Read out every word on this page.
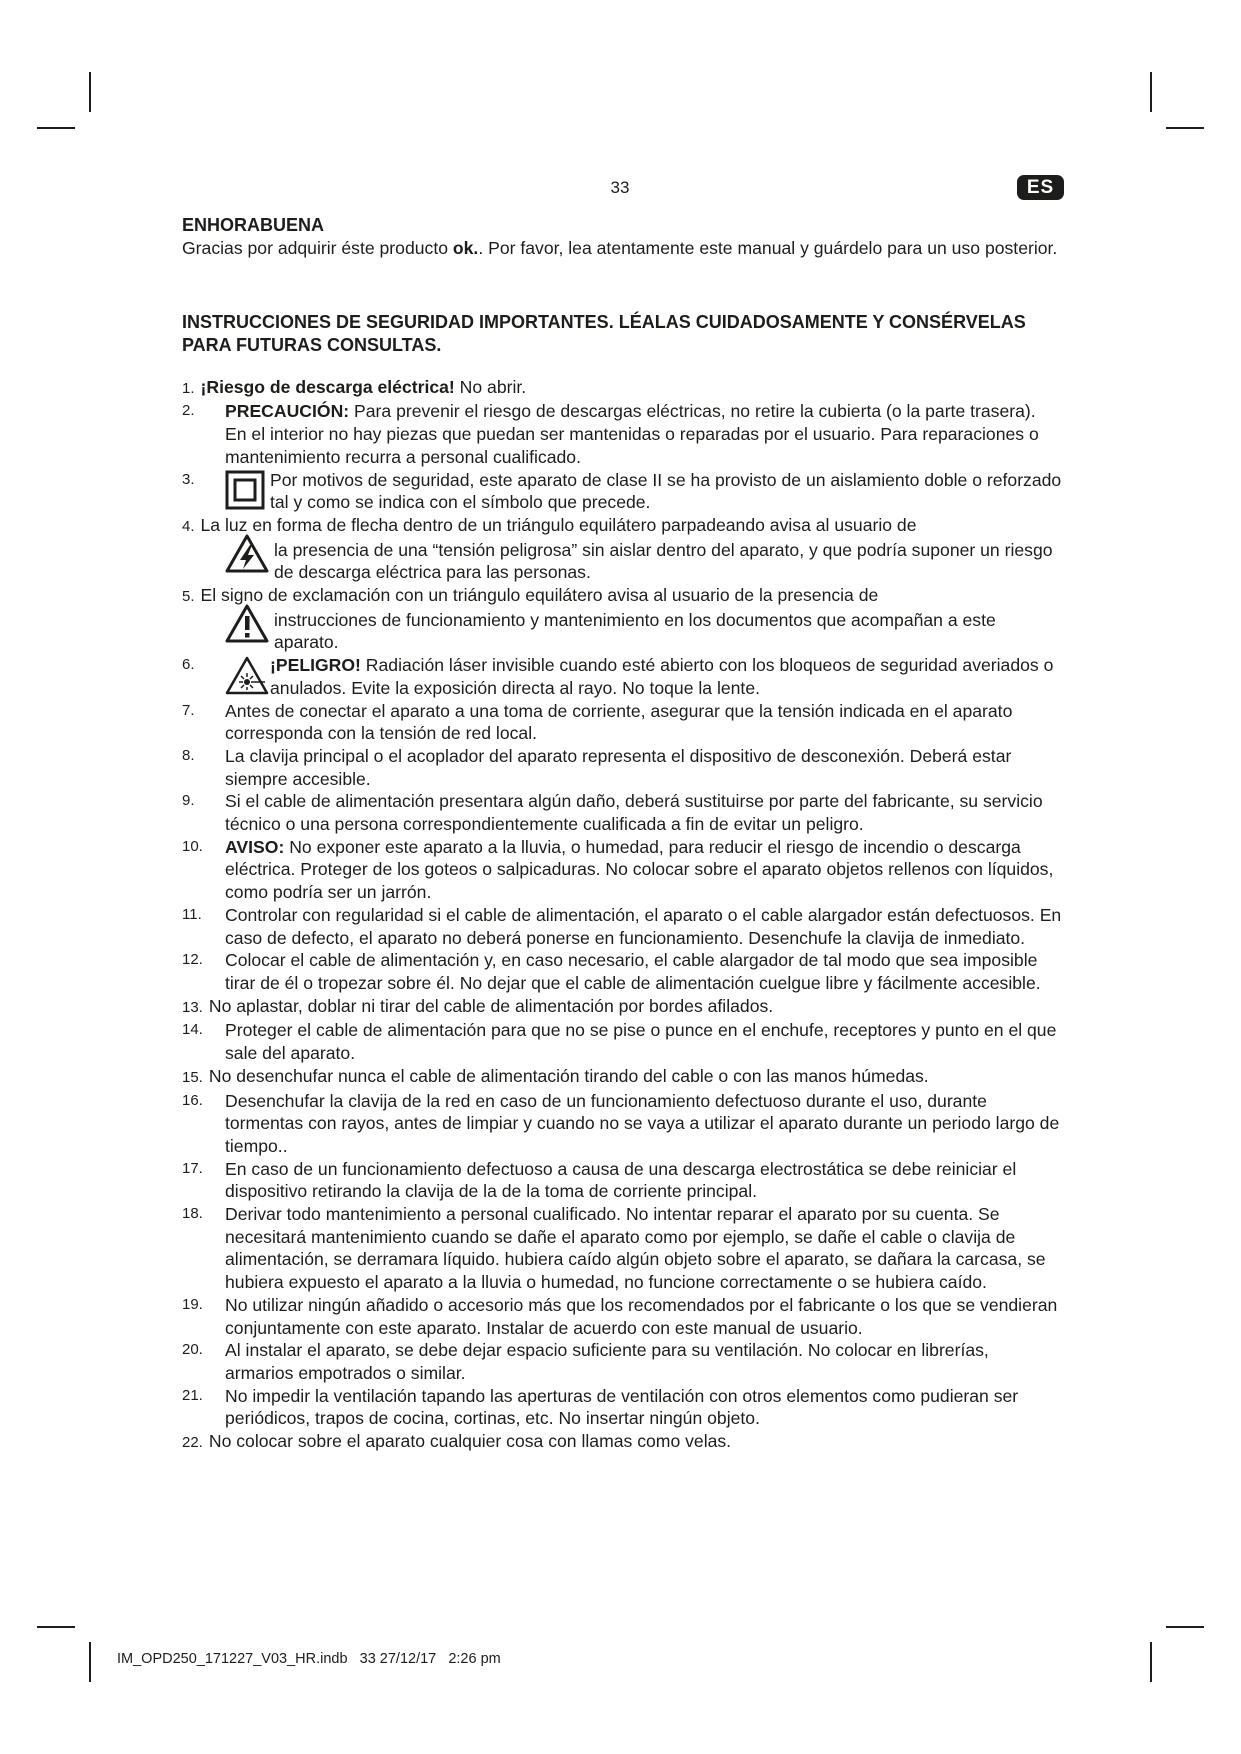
33	ES
ENHORABUENA

Gracias por adquirir éste producto ok.. Por favor, lea atentamente este manual y guárdelo para un uso posterior.

INSTRUCCIONES DE SEGURIDAD IMPORTANTES. LÉALAS CUIDADOSAMENTE Y CONSÉRVELAS PARA FUTURAS CONSULTAS.
1. ¡Riesgo de descarga eléctrica! No abrir.
2. PRECAUCIÓN: Para prevenir el riesgo de descargas eléctricas, no retire la cubierta (o la parte trasera). En el interior no hay piezas que puedan ser mantenidas o reparadas por el usuario. Para reparaciones o mantenimiento recurra a personal cualificado.
3.	Por motivos de seguridad, este aparato de clase II se ha provisto de un aislamiento doble o reforzado tal y como se indica con el símbolo que precede.
4. La luz en forma de flecha dentro de un triángulo equilátero parpadeando avisa al usuario de
la presencia de una “tensión peligrosa” sin aislar dentro del aparato, y que podría suponer un riesgo de descarga eléctrica para las personas.
5. El signo de exclamación con un triángulo equilátero avisa al usuario de la presencia de
instrucciones de funcionamiento y mantenimiento en los documentos que acompañan a este aparato.
6.	¡PELIGRO! Radiación láser invisible cuando esté abierto con los bloqueos de seguridad averiados o anulados. Evite la exposición directa al rayo. No toque la lente.
7. Antes de conectar el aparato a una toma de corriente, asegurar que la tensión indicada en el aparato corresponda con la tensión de red local.
8. La clavija principal o el acoplador del aparato representa el dispositivo de desconexión. Deberá estar siempre accesible.
9. Si el cable de alimentación presentara algún daño, deberá sustituirse por parte del fabricante, su servicio técnico o una persona correspondientemente cualificada a fin de evitar un peligro.
10. AVISO: No exponer este aparato a la lluvia, o humedad, para reducir el riesgo de incendio o descarga eléctrica. Proteger de los goteos o salpicaduras. No colocar sobre el aparato objetos rellenos con líquidos, como podría ser un jarrón.
11. Controlar con regularidad si el cable de alimentación, el aparato o el cable alargador están defectuosos. En caso de defecto, el aparato no deberá ponerse en funcionamiento. Desenchufe la clavija de inmediato.
12. Colocar el cable de alimentación y, en caso necesario, el cable alargador de tal modo que sea imposible tirar de él o tropezar sobre él. No dejar que el cable de alimentación cuelgue libre y fácilmente accesible.
13. No aplastar, doblar ni tirar del cable de alimentación por bordes afilados.
14. Proteger el cable de alimentación para que no se pise o punce en el enchufe, receptores y punto en el que sale del aparato.
15. No desenchufar nunca el cable de alimentación tirando del cable o con las manos húmedas.
16. Desenchufar la clavija de la red en caso de un funcionamiento defectuoso durante el uso, durante tormentas con rayos, antes de limpiar y cuando no se vaya a utilizar el aparato durante un periodo largo de tiempo..
17. En caso de un funcionamiento defectuoso a causa de una descarga electrostática se debe reiniciar el dispositivo retirando la clavija de la de la toma de corriente principal.
18. Derivar todo mantenimiento a personal cualificado. No intentar reparar el aparato por su cuenta. Se necesitará mantenimiento cuando se dañe el aparato como por ejemplo, se dañe el cable o clavija de alimentación, se derramara líquido. hubiera caído algún objeto sobre el aparato, se dañara la carcasa, se hubiera expuesto el aparato a la lluvia o humedad, no funcione correctamente o se hubiera caído.
19. No utilizar ningún añadido o accesorio más que los recomendados por el fabricante o los que se vendieran conjuntamente con este aparato. Instalar de acuerdo con este manual de usuario.
20. Al instalar el aparato, se debe dejar espacio suficiente para su ventilación. No colocar en librerías, armarios empotrados o similar.
21. No impedir la ventilación tapando las aperturas de ventilación con otros elementos como pudieran ser periódicos, trapos de cocina, cortinas, etc. No insertar ningún objeto.
22. No colocar sobre el aparato cualquier cosa con llamas como velas.
IM_OPD250_171227_V03_HR.indb   33 27/12/17   2:26 pm
